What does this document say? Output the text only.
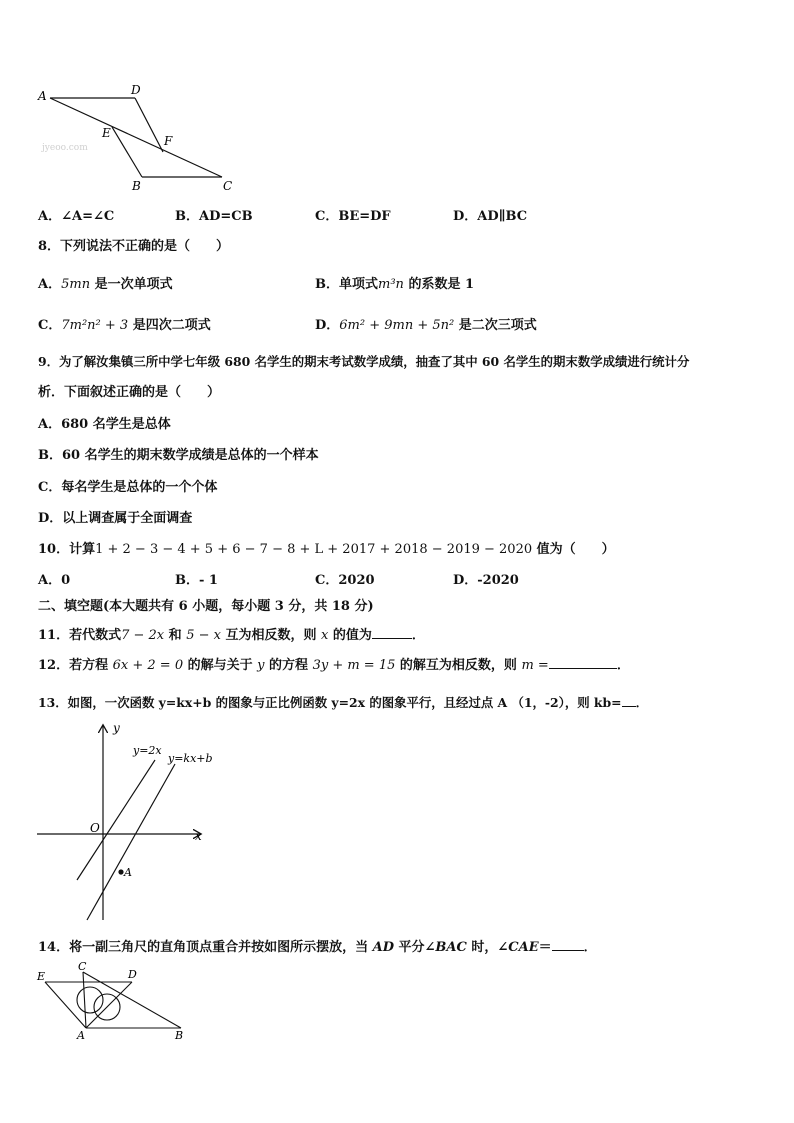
jyeoo.com
A	D
E
F
B	C
A．∠A=∠C	B．AD=CB	C．BE=DF	D．AD∥BC
8．下列说法不正确的是（　　）
A．5mn 是一次单项式	B．单项式m³n 的系数是 1
C．7m²n² + 3 是四次二项式	D．6m² + 9mn + 5n² 是二次三项式
9．为了解汝集镇三所中学七年级 680 名学生的期末考试数学成绩，抽查了其中 60 名学生的期末数学成绩进行统计分
析．下面叙述正确的是（　　）
A．680 名学生是总体
B．60 名学生的期末数学成绩是总体的一个样本
C．每名学生是总体的一个个体
D．以上调查属于全面调查
10．计算1 + 2 − 3 − 4 + 5 + 6 − 7 − 8 + L + 2017 + 2018 − 2019 − 2020 值为（　　）
A．0	B．- 1	C．2020	D．-2020
二、填空题(本大题共有 6 小题，每小题 3 分，共 18 分)
11．若代数式7 − 2x 和 5 − x 互为相反数，则 x 的值为	．
12．若方程 6x + 2 = 0 的解与关于 y 的方程 3y + m = 15 的解互为相反数，则 m =	．
13．如图，一次函数 y=kx+b 的图象与正比例函数 y=2x 的图象平行，且经过点 A （1，-2），则 kb= ．
y
x
O
y=2x
y=kx+b
A
14．将一副三角尺的直角顶点重合并按如图所示摆放，当 AD 平分∠BAC 时，∠CAE＝ ．
E
C
D
A	B
